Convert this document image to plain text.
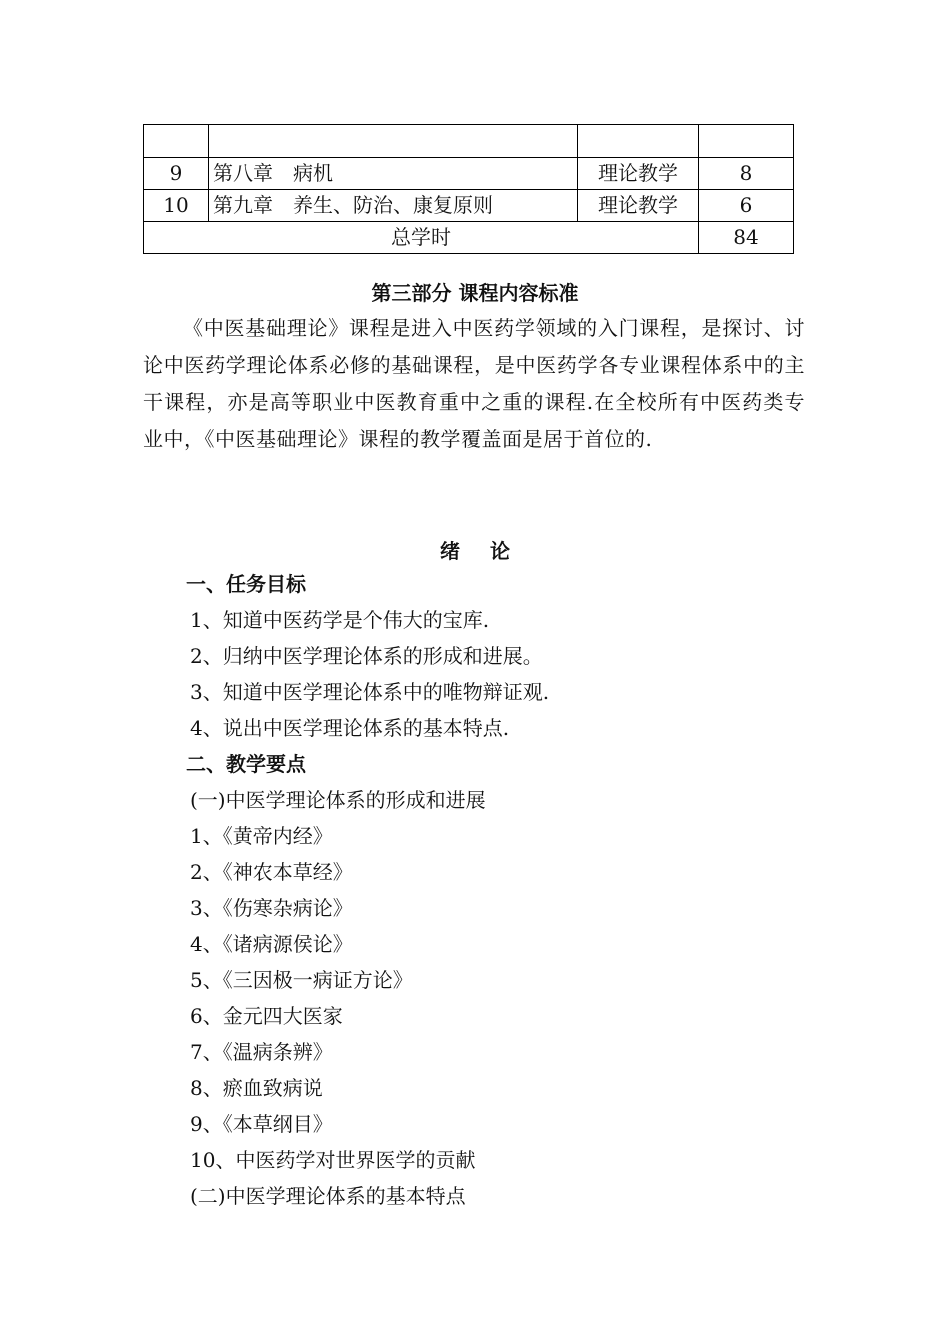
9	第八章　病机	理论教学	8
10	第九章　养生、防治、康复原则	理论教学	6
总学时			84
第三部分 课程内容标准

《中医基础理论》课程是进入中医药学领域的入门课程，是探讨、讨论中医药学理论体系必修的基础课程，是中医药学各专业课程体系中的主干课程，亦是高等职业中医教育重中之重的课程.在全校所有中医药类专业中，《中医基础理论》课程的教学覆盖面是居于首位的.

绪论
一、任务目标
1、知道中医药学是个伟大的宝库.
2、归纳中医学理论体系的形成和进展。
3、知道中医学理论体系中的唯物辩证观.
4、说出中医学理论体系的基本特点.
二、教学要点
(一)中医学理论体系的形成和进展
1、《黄帝内经》
2、《神农本草经》
3、《伤寒杂病论》
4、《诸病源侯论》
5、《三因极一病证方论》
6、金元四大医家
7、《温病条辨》
8、瘀血致病说
9、《本草纲目》
10、中医药学对世界医学的贡献
(二)中医学理论体系的基本特点
